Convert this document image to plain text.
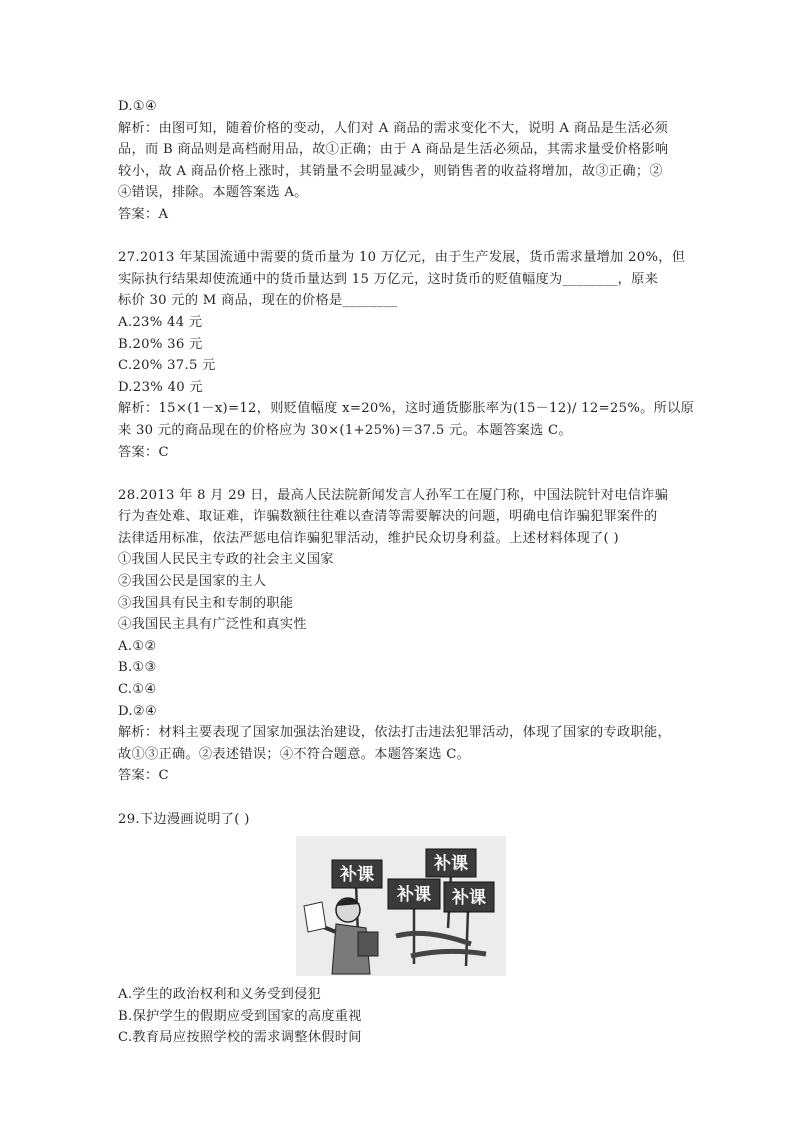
D.①④
解析：由图可知，随着价格的变动，人们对 A 商品的需求变化不大，说明 A 商品是生活必须
品，而 B 商品则是高档耐用品，故①正确；由于 A 商品是生活必须品，其需求量受价格影响
较小，故 A 商品价格上涨时，其销量不会明显减少，则销售者的收益将增加，故③正确；②
④错误，排除。本题答案选 A。
答案：A
27.2013 年某国流通中需要的货币量为 10 万亿元，由于生产发展，货币需求量增加 20%，但
实际执行结果却使流通中的货币量达到 15 万亿元，这时货币的贬值幅度为________，原来
标价 30 元的 M 商品，现在的价格是________
A.23% 44 元
B.20% 36 元
C.20% 37.5 元
D.23% 40 元
解析：15×(1－x)=12，则贬值幅度 x=20%，这时通货膨胀率为(15－12)/ 12=25%。所以原
来 30 元的商品现在的价格应为 30×(1+25%)＝37.5 元。本题答案选 C。
答案：C
28.2013 年 8 月 29 日，最高人民法院新闻发言人孙军工在厦门称，中国法院针对电信诈骗
行为查处难、取证难，诈骗数额往往难以查清等需要解决的问题，明确电信诈骗犯罪案件的
法律适用标准，依法严惩电信诈骗犯罪活动，维护民众切身利益。上述材料体现了( )
①我国人民民主专政的社会主义国家
②我国公民是国家的主人
③我国具有民主和专制的职能
④我国民主具有广泛性和真实性
A.①②
B.①③
C.①④
D.②④
解析：材料主要表现了国家加强法治建设，依法打击违法犯罪活动，体现了国家的专政职能，
故①③正确。②表述错误；④不符合题意。本题答案选 C。
答案：C
29.下边漫画说明了( )
补课
补课
补课 补课
A.学生的政治权利和义务受到侵犯
B.保护学生的假期应受到国家的高度重视
C.教育局应按照学校的需求调整休假时间
